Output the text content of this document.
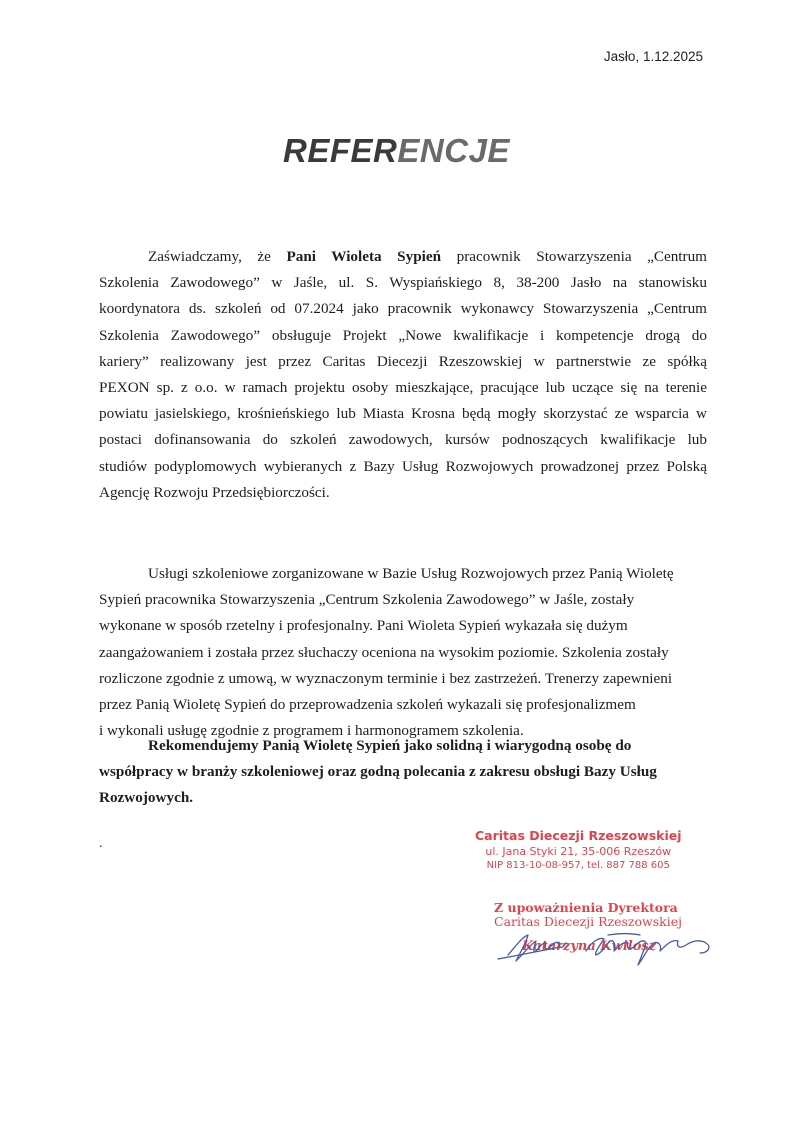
Jasło, 1.12.2025
REFERENCJE
Zaświadczamy, że Pani Wioleta Sypień pracownik Stowarzyszenia „Centrum
Szkolenia Zawodowego” w Jaśle, ul. S. Wyspiańskiego 8, 38-200 Jasło na stanowisku
koordynatora ds. szkoleń od 07.2024 jako pracownik wykonawcy Stowarzyszenia „Centrum
Szkolenia Zawodowego” obsługuje Projekt „Nowe kwalifikacje i kompetencje drogą do
kariery” realizowany jest przez Caritas Diecezji Rzeszowskiej w partnerstwie ze spółką
PEXON sp. z o.o. w ramach projektu osoby mieszkające, pracujące lub uczące się na terenie
powiatu jasielskiego, krośnieńskiego lub Miasta Krosna będą mogły skorzystać ze wsparcia w
postaci dofinansowania do szkoleń zawodowych, kursów podnoszących kwalifikacje lub
studiów podyplomowych wybieranych z Bazy Usług Rozwojowych prowadzonej przez Polską
Agencję Rozwoju Przedsiębiorczości.
Usługi szkoleniowe zorganizowane w Bazie Usług Rozwojowych przez Panią Wioletę
Sypień pracownika Stowarzyszenia „Centrum Szkolenia Zawodowego” w Jaśle, zostały
wykonane w sposób rzetelny i profesjonalny. Pani Wioleta Sypień wykazała się dużym
zaangażowaniem i została przez słuchaczy oceniona na wysokim poziomie. Szkolenia zostały
rozliczone zgodnie z umową, w wyznaczonym terminie i bez zastrzeżeń. Trenerzy zapewnieni
przez Panią Wioletę Sypień do przeprowadzenia szkoleń wykazali się profesjonalizmem
i wykonali usługę zgodnie z programem i harmonogramem szkolenia.
Rekomendujemy Panią Wioletę Sypień jako solidną i wiarygodną osobę do
współpracy w branży szkoleniowej oraz godną polecania z zakresu obsługi Bazy Usług
Rozwojowych.
.
Caritas Diecezji Rzeszowskiej
ul. Jana Styki 21, 35-006 Rzeszów
NIP 813-10-08-957, tel. 887 788 605
Z upoważnienia Dyrektora
Caritas Diecezji Rzeszowskiej
Katarzyna Kwilosz
